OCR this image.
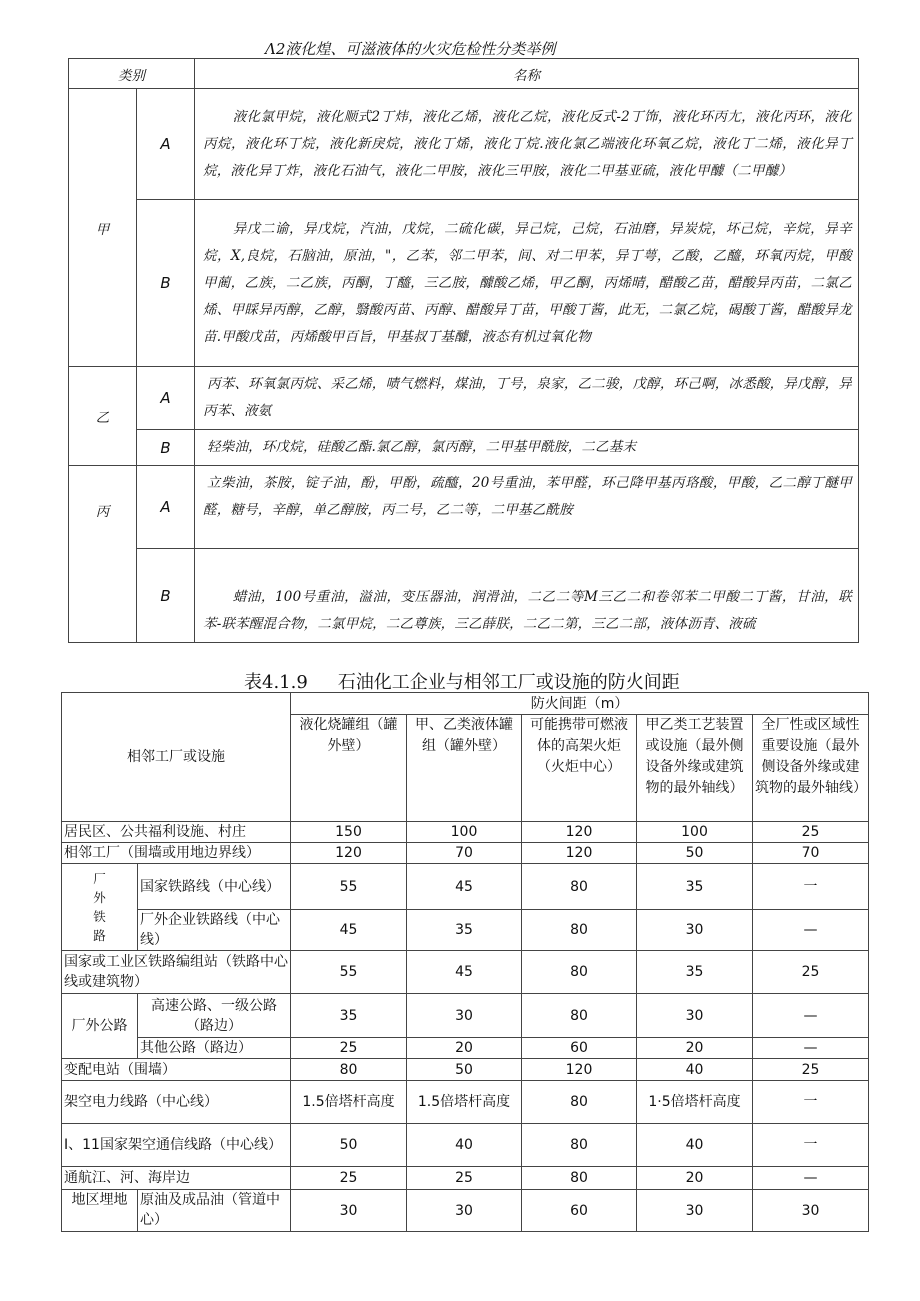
Λ2液化煌、可滋液体的火灾危检性分类举例
类别		名称
甲	A	液化氯甲烷，液化顺式2丁炜，液化乙烯，液化乙烷，液化反式-2丁饰，液化环丙尢，液化丙环，液化丙烷，液化环丁烷，液化新戾烷，液化丁烯，液化丁烷.液化氯乙端液化环氧乙烷，液化丁二烯，液化异丁烷，液化异丁炸，液化石油气，液化二甲胺，液化三甲胺，液化二甲基亚硫，液化甲醵（二甲醵）
	B	异戊二谕，异戊烷，汽油，戊烷，二硫化碳，异己烷，己烷，石油磨，异炭烷，坏己烷，辛烷，异辛烷，X,良烷，石脑油，原油，"，乙苯，邻二甲苯，间、对二甲苯，异丁萼，乙酸，乙醯，环氧丙烷，甲酸甲蔺，乙族，二乙族，丙酮，丁醯，三乙胺，醵酸乙烯，甲乙酮，丙烯晴，醋酸乙苗，醋酸异丙苗，二氯乙烯、甲睬异丙醇，乙醇，翳酸丙苗、丙醇、醋酸异丁苗，甲酸丁酱，此无，二氯乙烷，碣酸丁酱，醋酸异龙苗.甲酸戊苗，丙烯酸甲百旨，甲基叔丁基醵，液态有机过氧化物
乙	A	丙苯、环氧氯丙烷、采乙烯，啧气燃料，煤油，丁号，泉家，乙二骏，戊醇，环己啊，冰悉酸，异戊醇，异丙苯、液氨
	B	轻柴油，环戊烷，硅酸乙酯.氯乙醇，氯丙醇，二甲基甲酰胺，二乙基末
丙	A	立柴油，茶胺，锭子油，酚，甲酚，疏醯，20号重油，苯甲醛，环己降甲基丙珞酸，甲酸，乙二醇丁醚甲醛，糖号，辛醇，单乙醇胺，丙二号，乙二等，二甲基乙酰胺
	B	蜡油，100号重油，溢油，变压器油，润滑油，二乙二等M三乙二和卷邻苯二甲酸二丁酱，甘油，联苯-联苯醒混合物，二氯甲烷，二乙尊族，三乙薛朕，二乙二第，三乙二部，液体沥青、液硫
表4.1.9 石油化工企业与相邻工厂或设施的防火间距
相邻工厂或设施		防火间距（m）				
		液化烧罐组（罐外壁）	甲、乙类液体罐组（罐外壁）	可能携带可燃液体的高架火炬（火炬中心）	甲乙类工艺装置或设施（最外侧设备外缘或建筑物的最外轴线）	全厂性或区域性重要设施（最外侧设备外缘或建筑物的最外轴线）
居民区、公共福利设施、村庄		150	100	120	100	25
相邻工厂（围墙或用地边界线）		120	70	120	50	70
厂外铁路	国家铁路线（中心线）	55	45	80	35	一
	厂外企业铁路线（中心线）	45	35	80	30	—
国家或工业区铁路编组站（铁路中心线或建筑物）		55	45	80	35	25
厂外公路	高速公路、一级公路（路边）	35	30	80	30	—
	其他公路（路边）	25	20	60	20	—
变配电站（围墙）		80	50	120	40	25
架空电力线路（中心线）		1.5倍塔杆高度	1.5倍塔杆高度	80	1·5倍塔杆高度	一
I、11国家架空通信线路（中心线）		50	40	80	40	一
通航江、河、海岸边		25	25	80	20	—
地区埋地	原油及成品油（管道中心）	30	30	60	30	30
